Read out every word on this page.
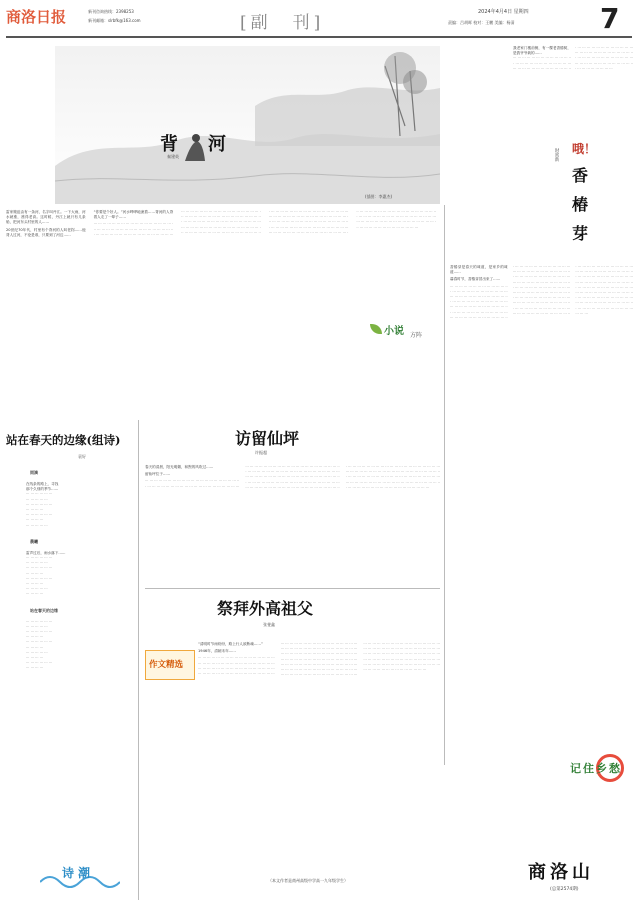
商洛日报	新刊咨询热线：2398253
新刊邮箱：slrbfk@163.com	[副　刊]
2024年4月4日 星期四
责编：吕胡晖 校对：王鹏 美编：杨清	7
背　河
秦建英
(插图：李惠杰)

雷家嫂迫由有一条河，名字叫丹江。一下大雨，河水就涨，涨得老高。这时候，丹江上就只有几条船，把河东头村里的人……

20世纪70年代，村里有个背河的人叫老拐……他背人过河，不论是谁，只要到了河边……

“你要是个好人。”河水哗哗地流着……背河的人背着人走了一辈子……

··· ··· ··· ··· ··· ··· ··· ··· ··· ··· ··· ··· ··· ··· ··· ··· ··· ··· ··· ··· ··· ··· ··· ··· ··· ··· ··· ··· ··· ··· ··· ··· ··· ··· ··· ··· ··· ··· ··· ··· ··· ··· ··· ··· ··· ··· ··· ··· ··· ··· ··· ··· ··· ··· ··· ··· ··· ··· ··· ··· ··· ··· ··· ··· ··· ··· ··· ··· ··· ··· ··· ··· ··· ··· ··· ··· ··· ··· ··· ··· ··· ··· ··· ··· ··· ··· ··· ··· ··· ··· ··· ··· ··· ··· ··· ··· ··· ··· ··· ··· ··· ··· ··· ··· ··· ··· ··· ··· ··· ··· ··· ··· ··· ··· ··· ··· ··· ··· ··· ··· ··· ··· ··· ··· ··· ··· ··· ··· ··· ··· ··· ··· ··· ··· ··· ··· ··· ··· ··· ··· ··· ··· ··· ··· ··· ··· ··· ··· ··· ··· ··· ··· ··· ··· ··· ··· ··· ··· ··· ··· ··· ··· ··· ··· ··· ··· ··· ··· ··· ··· ··· ··· ··· ··· ··· ··· ··· ··· ··· ··· ··· ··· ··· ··· ··· ··· ··· ··· ··· ··· ··· ··· ··· ··· ··· ··· ··· ··· ··· ··· ··· ··· ··· ··· ··· ··· ··· ··· ··· ··· ··· ··· ··· ··· ··· ··· ··· ··· ··· ··· ··· ··· ··· ··· ··· ··· ··· ··· ··· ··· ··· ··· ··· ··· ··· ··· ··· ··· ··· ··· ··· ··· ··· ··· ··· ··· ··· ··· ··· ··· ··· ··· ··· ··· ··· ··· ··· ··· ··· ··· ··· ··· ··· ··· ··· ··· ··· ··· ··· ··· ··· ··· ··· ··· ··· ··· ··· ··· ··· ··· ··· ··· ··· ··· ··· ··· ··· ··· ··· ··· ···
小说 方阵

我老家门楼前侧，有一棵老香椿树，是我爷爷栽的……

··· ··· ··· ··· ··· ··· ··· ··· ··· ··· ··· ··· ··· ··· ··· ··· ··· ··· ··· ··· ··· ··· ··· ··· ··· ··· ··· ··· ··· ··· ··· ··· ··· ··· ··· ··· ··· ··· ··· ··· ··· ··· ··· ··· ··· ··· ··· ··· ··· ··· ··· ··· ··· ··· ··· ··· ··· ··· ··· ··· ··· ··· ··· ··· ··· ··· ··· ··· ··· ··· ··· ··· ··· ··· ··· ··· ··· ··· ··· ··· ··· ··· ··· ··· ··· ··· ··· ··· ··· ··· ··· ··· ··· ··· ··· ···
哦！
香
椿
芽
时常新

香椿芽是春天的味道，是家乡的味道……

暮春时节，香椿芽冒出来了……

··· ··· ··· ··· ··· ··· ··· ··· ··· ··· ··· ··· ··· ··· ··· ··· ··· ··· ··· ··· ··· ··· ··· ··· ··· ··· ··· ··· ··· ··· ··· ··· ··· ··· ··· ··· ··· ··· ··· ··· ··· ··· ··· ··· ··· ··· ··· ··· ··· ··· ··· ··· ··· ··· ··· ··· ··· ··· ··· ··· ··· ··· ··· ··· ··· ··· ··· ··· ··· ··· ··· ··· ··· ··· ··· ··· ··· ··· ··· ··· ··· ··· ··· ··· ··· ··· ··· ··· ··· ··· ··· ··· ··· ··· ··· ··· ··· ··· ··· ··· ··· ··· ··· ··· ··· ··· ··· ··· ··· ··· ··· ··· ··· ··· ··· ··· ··· ··· ··· ··· ··· ··· ··· ··· ··· ··· ··· ··· ··· ··· ··· ··· ··· ··· ··· ··· ··· ··· ··· ··· ··· ··· ··· ··· ··· ··· ··· ··· ··· ··· ··· ··· ··· ··· ··· ··· ··· ··· ··· ··· ··· ··· ··· ··· ··· ··· ··· ··· ··· ··· ··· ··· ··· ··· ··· ··· ··· ··· ··· ··· ··· ··· ··· ··· ··· ··· ··· ··· ··· ··· ··· ··· ··· ··· ··· ··· ··· ··· ··· ··· ··· ··· ··· ··· ··· ··· ··· ··· ··· ··· ··· ··· ··· ··· ··· ··· ··· ··· ··· ··· ··· ··· ··· ··· ··· ··· ··· ··· ··· ··· ··· ··· ··· ··· ··· ··· ··· ··· ··· ··· ··· ··· ··· ··· ··· ··· ··· ··· ··· ··· ··· ··· ··· ··· ··· ··· ··· ··· ··· ··· ··· ··· ··· ··· ··· ··· ··· ··· ··· ··· ··· ··· ··· ··· ··· ··· ··· ··· ··· ··· ··· ··· ··· ··· ··· ··· ··· ··· ··· ··· ··· ··· ··· ··· ··· ··· ··· ··· ··· ··· ··· ··· ··· ··· ··· ··· ··· ··· ··· ··· ··· ··· ··· ··· ··· ··· ··· ··· ··· ··· ··· ··· ··· ··· ··· ··· ··· ···
站在春天的边缘(组诗)
袁好
雨滴
在线条的路上，寻找
那个久别的季节……
··· ··· ··· ··· ··· ···
··· ··· ··· ··· ···
··· ··· ··· ··· ··· ···
··· ··· ··· ···
··· ··· ··· ··· ··· ···
··· ··· ··· ···
··· ··· ··· ··· ···
晨曦
雷声过后，雨水落下……
··· ··· ··· ··· ··· ···
··· ··· ··· ··· ···
··· ··· ··· ··· ··· ···
··· ··· ··· ···
··· ··· ··· ··· ··· ···
··· ··· ··· ···
··· ··· ··· ··· ···
··· ··· ··· ···
站在春天的边缘
··· ··· ··· ··· ··· ···
··· ··· ··· ··· ···
··· ··· ··· ··· ··· ···
··· ··· ··· ···
··· ··· ··· ··· ··· ···
··· ··· ··· ···
··· ··· ··· ··· ···
··· ··· ··· ···
··· ··· ··· ··· ··· ···
··· ··· ··· ···
诗潮
访留仙坪
许振超

春天的清晨，阳光明媚，和煦的风吹过……

留仙坪位于……

··· ··· ··· ··· ··· ··· ··· ··· ··· ··· ··· ··· ··· ··· ··· ··· ··· ··· ··· ··· ··· ··· ··· ··· ··· ··· ··· ··· ··· ··· ··· ··· ··· ··· ··· ··· ··· ··· ··· ··· ··· ··· ··· ··· ··· ··· ··· ··· ··· ··· ··· ··· ··· ··· ··· ··· ··· ··· ··· ··· ··· ··· ··· ··· ··· ··· ··· ··· ··· ··· ··· ··· ··· ··· ··· ··· ··· ··· ··· ··· ··· ··· ··· ··· ··· ··· ··· ··· ··· ··· ··· ··· ··· ··· ··· ··· ··· ··· ··· ··· ··· ··· ··· ··· ··· ··· ··· ··· ··· ··· ··· ··· ··· ··· ··· ··· ··· ··· ··· ··· ··· ··· ··· ··· ··· ··· ··· ··· ··· ··· ··· ··· ··· ··· ··· ··· ··· ··· ··· ··· ··· ··· ··· ··· ··· ··· ··· ··· ··· ··· ··· ··· ··· ··· ··· ··· ··· ··· ··· ··· ··· ··· ··· ··· ··· ··· ··· ··· ··· ··· ··· ··· ··· ··· ··· ··· ··· ··· ··· ··· ··· ··· ··· ··· ··· ··· ··· ··· ··· ··· ··· ··· ··· ··· ··· ··· ··· ··· ··· ··· ··· ··· ··· ··· ··· ··· ··· ··· ··· ··· ··· ··· ··· ··· ··· ··· ··· ··· ··· ··· ··· ··· ··· ··· ··· ··· ··· ··· ··· ··· ··· ··· ··· ··· ··· ··· ··· ··· ··· ··· ··· ··· ··· ···
祭拜外高祖父
张斐鑫
作文精选

“清明时节雨纷纷，路上行人欲断魂……”

1946年，清朝末年……

··· ··· ··· ··· ··· ··· ··· ··· ··· ··· ··· ··· ··· ··· ··· ··· ··· ··· ··· ··· ··· ··· ··· ··· ··· ··· ··· ··· ··· ··· ··· ··· ··· ··· ··· ··· ··· ··· ··· ··· ··· ··· ··· ··· ··· ··· ··· ··· ··· ··· ··· ··· ··· ··· ··· ··· ··· ··· ··· ··· ··· ··· ··· ··· ··· ··· ··· ··· ··· ··· ··· ··· ··· ··· ··· ··· ··· ··· ··· ··· ··· ··· ··· ··· ··· ··· ··· ··· ··· ··· ··· ··· ··· ··· ··· ··· ··· ··· ··· ··· ··· ··· ··· ··· ··· ··· ··· ··· ··· ··· ··· ··· ··· ··· ··· ··· ··· ··· ··· ··· ··· ··· ··· ··· ··· ··· ··· ··· ··· ··· ··· ··· ··· ··· ··· ··· ··· ··· ··· ··· ··· ··· ··· ··· ··· ··· ··· ··· ··· ··· ··· ··· ··· ··· ··· ··· ··· ··· ··· ··· ··· ··· ··· ··· ··· ··· ··· ··· ··· ··· ··· ··· ··· ··· ··· ··· ··· ··· ··· ··· ··· ··· ··· ··· ··· ··· ··· ··· ··· ··· ··· ··· ··· ··· ··· ··· ··· ··· ··· ··· ··· ··· ··· ··· ··· ··· ··· ··· ··· ··· ··· ··· ··· ··· ··· ··· ··· ··· ··· ··· ··· ··· ··· ··· ··· ··· ··· ··· ··· ··· ··· ··· ··· ··· ··· ··· ··· ··· ··· ··· ··· ··· ··· ··· ··· ··· ··· ··· ··· ··· ··· ··· ··· ··· ··· ··· ··· ··· ··· ··· ··· ··· ··· ··· ··· ··· ··· ··· ··· ··· ··· ··· ··· ··· ··· ··· ··· ··· ··· ··· ··· ··· ··· ··· ··· ···
（本文作者是商州高级中学高一九年级学生）
记住乡愁
商洛山
(总第2574期)
